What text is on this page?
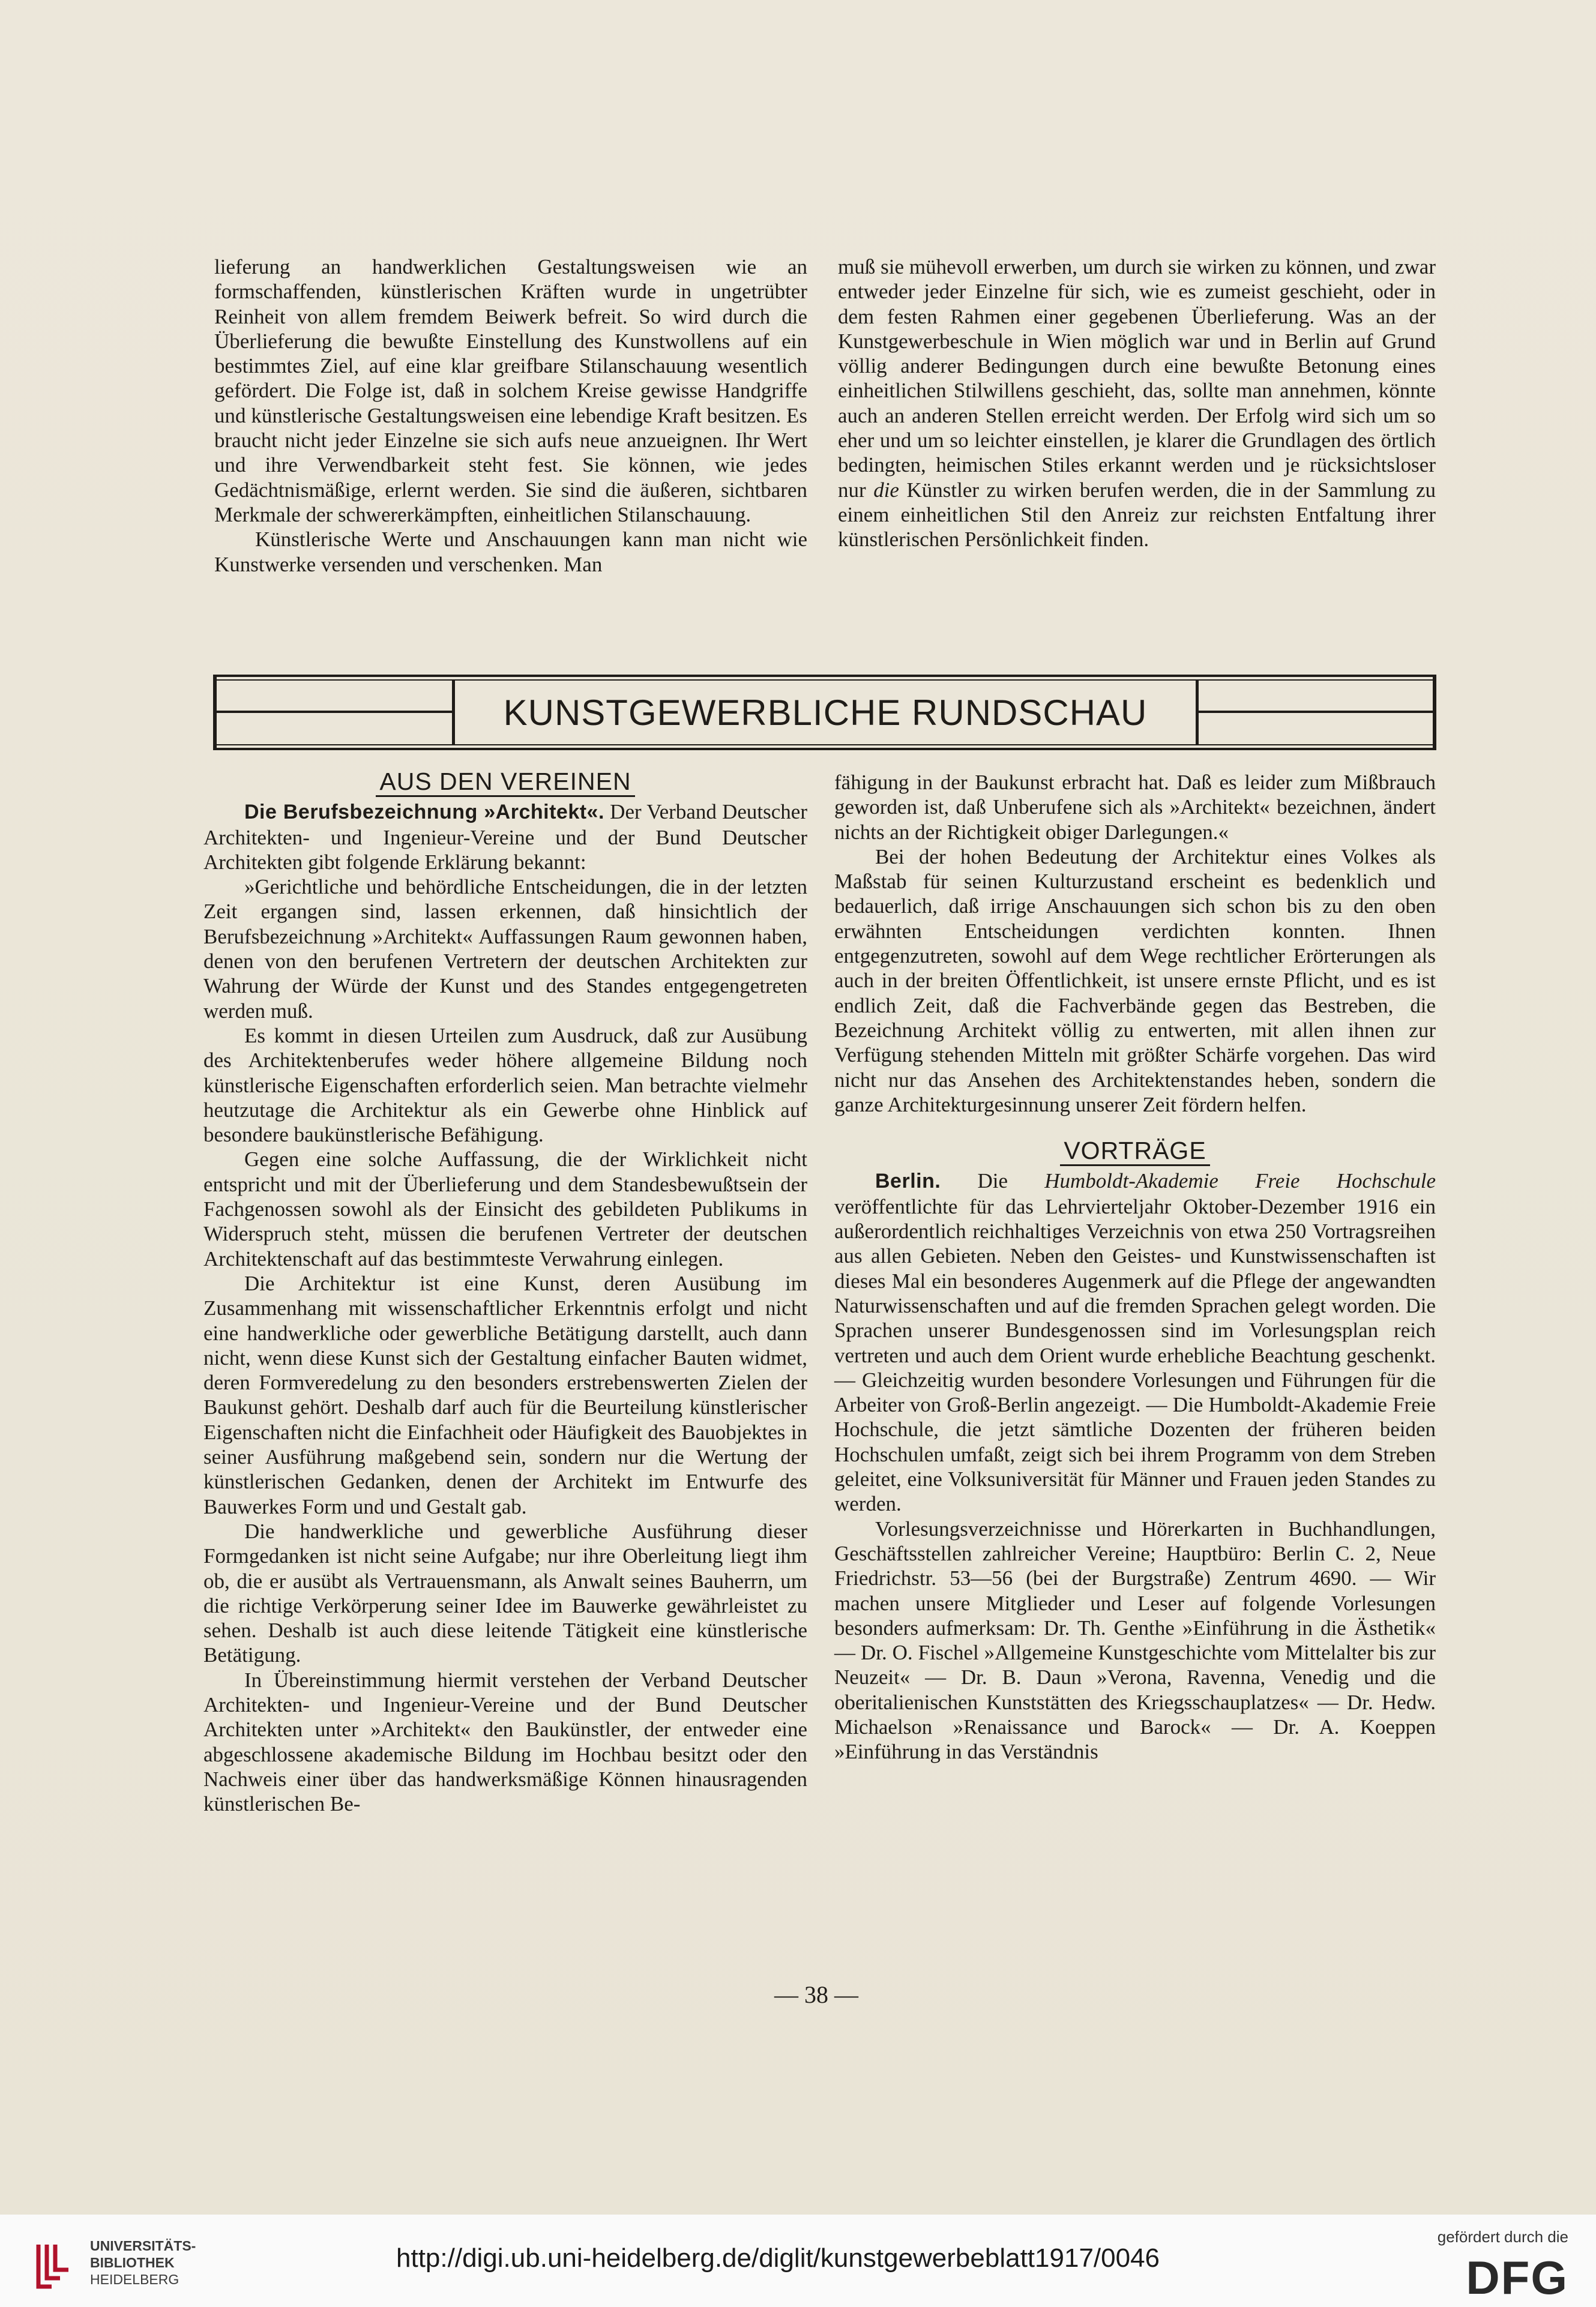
lieferung an handwerklichen Gestaltungsweisen wie an formschaffenden, künstlerischen Kräften wurde in ungetrübter Reinheit von allem fremdem Beiwerk befreit. So wird durch die Überlieferung die bewußte Einstellung des Kunstwollens auf ein bestimmtes Ziel, auf eine klar greifbare Stilanschauung wesentlich gefördert. Die Folge ist, daß in solchem Kreise gewisse Handgriffe und künstlerische Gestaltungsweisen eine lebendige Kraft besitzen. Es braucht nicht jeder Einzelne sie sich aufs neue anzueignen. Ihr Wert und ihre Verwendbarkeit steht fest. Sie können, wie jedes Gedächtnismäßige, erlernt werden. Sie sind die äußeren, sichtbaren Merkmale der schwererkämpften, einheitlichen Stilanschauung.

Künstlerische Werte und Anschauungen kann man nicht wie Kunstwerke versenden und verschenken. Man

muß sie mühevoll erwerben, um durch sie wirken zu können, und zwar entweder jeder Einzelne für sich, wie es zumeist geschieht, oder in dem festen Rahmen einer gegebenen Überlieferung. Was an der Kunstgewerbeschule in Wien möglich war und in Berlin auf Grund völlig anderer Bedingungen durch eine bewußte Betonung eines einheitlichen Stilwillens geschieht, das, sollte man annehmen, könnte auch an anderen Stellen erreicht werden. Der Erfolg wird sich um so eher und um so leichter einstellen, je klarer die Grundlagen des örtlich bedingten, heimischen Stiles erkannt werden und je rücksichtsloser nur die Künstler zu wirken berufen werden, die in der Sammlung zu einem einheitlichen Stil den Anreiz zur reichsten Entfaltung ihrer künstlerischen Persönlichkeit finden.

KUNSTGEWERBLICHE RUNDSCHAU
AUS DEN VEREINEN

Die Berufsbezeichnung »Architekt«. Der Verband Deutscher Architekten- und Ingenieur-Vereine und der Bund Deutscher Architekten gibt folgende Erklärung bekannt:

»Gerichtliche und behördliche Entscheidungen, die in der letzten Zeit ergangen sind, lassen erkennen, daß hinsichtlich der Berufsbezeichnung »Architekt« Auffassungen Raum gewonnen haben, denen von den berufenen Vertretern der deutschen Architekten zur Wahrung der Würde der Kunst und des Standes entgegengetreten werden muß.

Es kommt in diesen Urteilen zum Ausdruck, daß zur Ausübung des Architektenberufes weder höhere allgemeine Bildung noch künstlerische Eigenschaften erforderlich seien. Man betrachte vielmehr heutzutage die Architektur als ein Gewerbe ohne Hinblick auf besondere baukünstlerische Befähigung.

Gegen eine solche Auffassung, die der Wirklichkeit nicht entspricht und mit der Überlieferung und dem Standesbewußtsein der Fachgenossen sowohl als der Einsicht des gebildeten Publikums in Widerspruch steht, müssen die berufenen Vertreter der deutschen Architektenschaft auf das bestimmteste Verwahrung einlegen.

Die Architektur ist eine Kunst, deren Ausübung im Zusammenhang mit wissenschaftlicher Erkenntnis erfolgt und nicht eine handwerkliche oder gewerbliche Betätigung darstellt, auch dann nicht, wenn diese Kunst sich der Gestaltung einfacher Bauten widmet, deren Formveredelung zu den besonders erstrebenswerten Zielen der Baukunst gehört. Deshalb darf auch für die Beurteilung künstlerischer Eigenschaften nicht die Einfachheit oder Häufigkeit des Bauobjektes in seiner Ausführung maßgebend sein, sondern nur die Wertung der künstlerischen Gedanken, denen der Architekt im Entwurfe des Bauwerkes Form und und Gestalt gab.

Die handwerkliche und gewerbliche Ausführung dieser Formgedanken ist nicht seine Aufgabe; nur ihre Oberleitung liegt ihm ob, die er ausübt als Vertrauensmann, als Anwalt seines Bauherrn, um die richtige Verkörperung seiner Idee im Bauwerke gewährleistet zu sehen. Deshalb ist auch diese leitende Tätigkeit eine künstlerische Betätigung.

In Übereinstimmung hiermit verstehen der Verband Deutscher Architekten- und Ingenieur-Vereine und der Bund Deutscher Architekten unter »Architekt« den Baukünstler, der entweder eine abgeschlossene akademische Bildung im Hochbau besitzt oder den Nachweis einer über das handwerksmäßige Können hinausragenden künstlerischen Be-

fähigung in der Baukunst erbracht hat. Daß es leider zum Mißbrauch geworden ist, daß Unberufene sich als »Architekt« bezeichnen, ändert nichts an der Richtigkeit obiger Darlegungen.«

Bei der hohen Bedeutung der Architektur eines Volkes als Maßstab für seinen Kulturzustand erscheint es bedenklich und bedauerlich, daß irrige Anschauungen sich schon bis zu den oben erwähnten Entscheidungen verdichten konnten. Ihnen entgegenzutreten, sowohl auf dem Wege rechtlicher Erörterungen als auch in der breiten Öffentlichkeit, ist unsere ernste Pflicht, und es ist endlich Zeit, daß die Fachverbände gegen das Bestreben, die Bezeichnung Architekt völlig zu entwerten, mit allen ihnen zur Verfügung stehenden Mitteln mit größter Schärfe vorgehen. Das wird nicht nur das Ansehen des Architektenstandes heben, sondern die ganze Architekturgesinnung unserer Zeit fördern helfen.

VORTRÄGE

Berlin. Die Humboldt-Akademie Freie Hochschule veröffentlichte für das Lehrvierteljahr Oktober-Dezember 1916 ein außerordentlich reichhaltiges Verzeichnis von etwa 250 Vortragsreihen aus allen Gebieten. Neben den Geistes- und Kunstwissenschaften ist dieses Mal ein besonderes Augenmerk auf die Pflege der angewandten Naturwissenschaften und auf die fremden Sprachen gelegt worden. Die Sprachen unserer Bundesgenossen sind im Vorlesungsplan reich vertreten und auch dem Orient wurde erhebliche Beachtung geschenkt. — Gleichzeitig wurden besondere Vorlesungen und Führungen für die Arbeiter von Groß-Berlin angezeigt. — Die Humboldt-Akademie Freie Hochschule, die jetzt sämtliche Dozenten der früheren beiden Hochschulen umfaßt, zeigt sich bei ihrem Programm von dem Streben geleitet, eine Volksuniversität für Männer und Frauen jeden Standes zu werden.

Vorlesungsverzeichnisse und Hörerkarten in Buchhandlungen, Geschäftsstellen zahlreicher Vereine; Hauptbüro: Berlin C. 2, Neue Friedrichstr. 53—56 (bei der Burgstraße) Zentrum 4690. — Wir machen unsere Mitglieder und Leser auf folgende Vorlesungen besonders aufmerksam: Dr. Th. Genthe »Einführung in die Ästhetik« — Dr. O. Fischel »Allgemeine Kunstgeschichte vom Mittelalter bis zur Neuzeit« — Dr. B. Daun »Verona, Ravenna, Venedig und die oberitalienischen Kunststätten des Kriegsschauplatzes« — Dr. Hedw. Michaelson »Renaissance und Barock« — Dr. A. Koeppen »Einführung in das Verständnis

— 38 —
UNIVERSITÄTS-
BIBLIOTHEK
HEIDELBERG
http://digi.ub.uni-heidelberg.de/diglit/kunstgewerbeblatt1917/0046
gefördert durch die
DFG
